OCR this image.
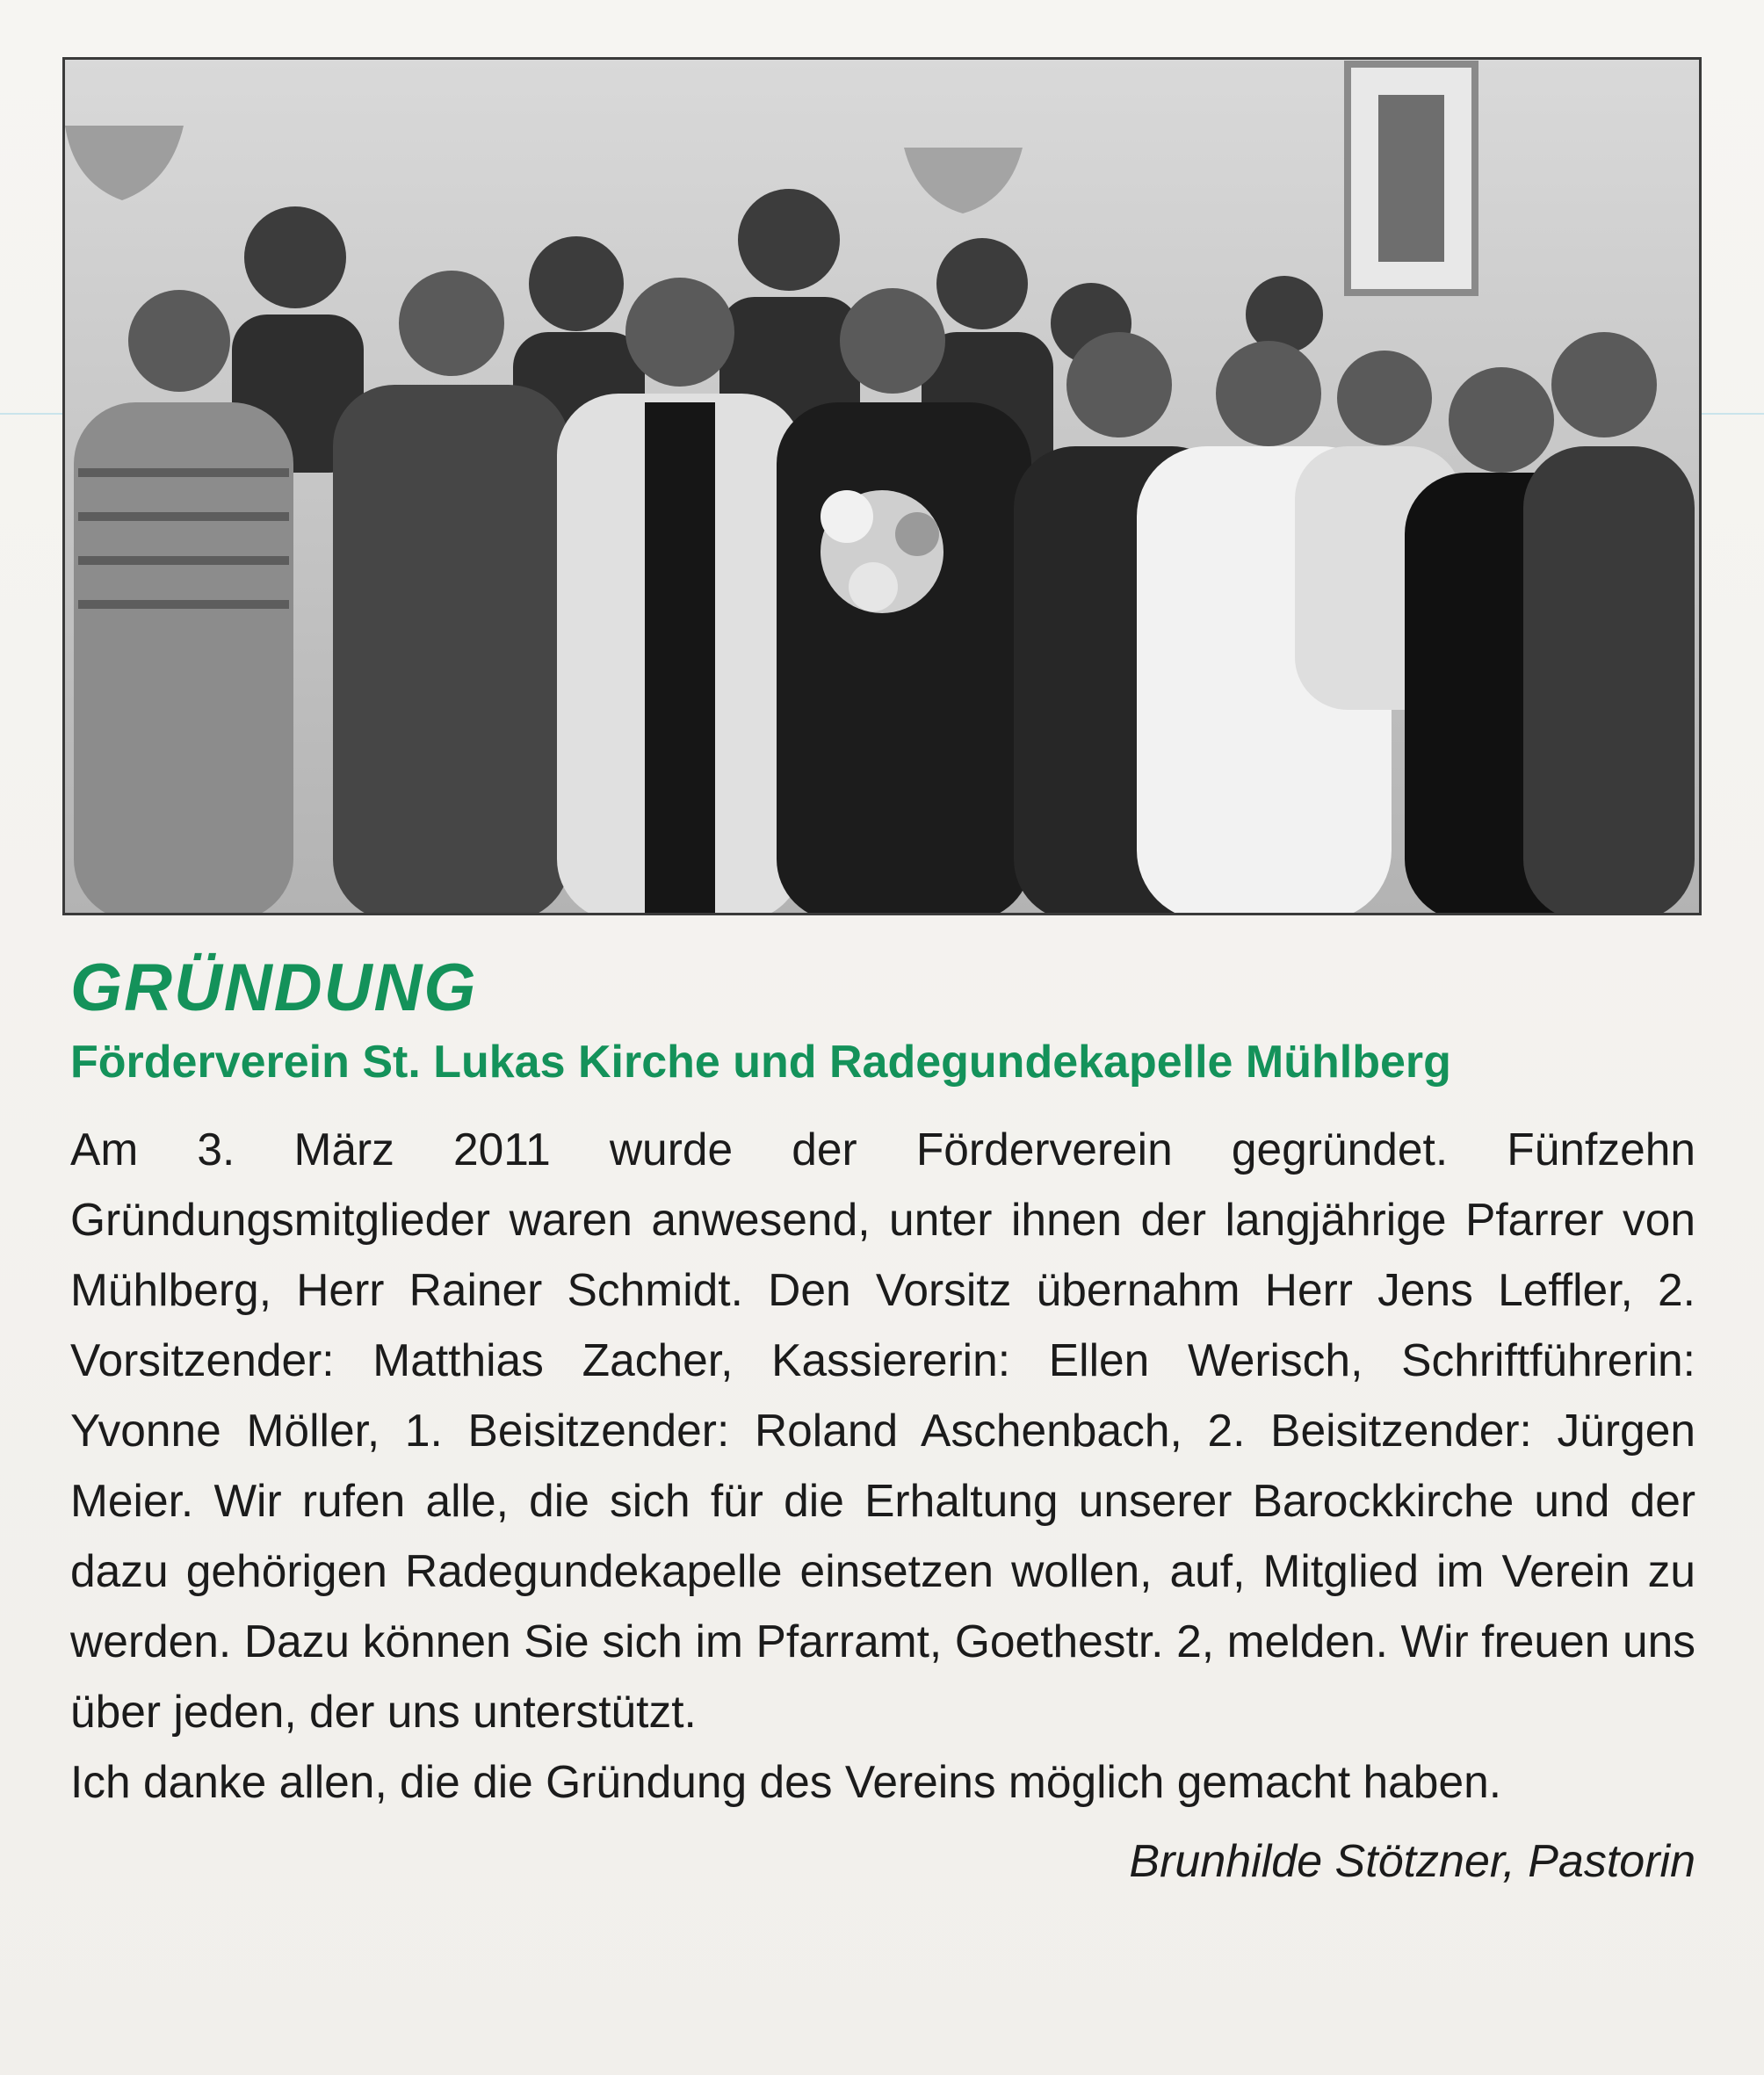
GRÜNDUNG
Förderverein St. Lukas Kirche und Radegundekapelle Mühlberg

Am 3. März 2011 wurde der Förderverein gegründet. Fünfzehn Gründungsmitglieder waren anwesend, unter ihnen der langjährige Pfarrer von Mühlberg, Herr Rainer Schmidt. Den Vorsitz übernahm Herr Jens Leffler, 2. Vorsitzender: Matthias Zacher, Kassiererin: Ellen Werisch, Schriftführerin: Yvonne Möller, 1. Beisitzender: Roland Aschenbach, 2. Beisitzender: Jürgen Meier. Wir rufen alle, die sich für die Erhaltung unserer Barockkirche und der dazu gehörigen Radegundekapelle einsetzen wollen, auf, Mitglied im Verein zu werden. Dazu können Sie sich im Pfarramt, Goethestr. 2, melden. Wir freuen uns über jeden, der uns unterstützt.

Ich danke allen, die die Gründung des Vereins möglich gemacht haben.

Brunhilde Stötzner, Pastorin
